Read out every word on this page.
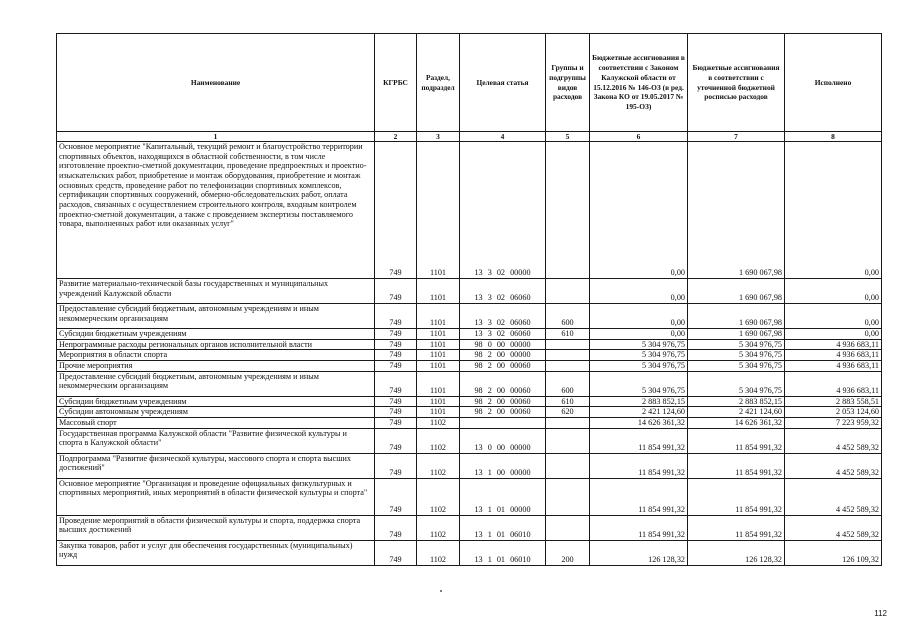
Наименование	КГРБС	Раздел, подраздел	Целевая статья	Группы и подгруппы видов расходов	Бюджетные ассигнования в соответствии с Законом Калужской области от 15.12.2016 № 146-ОЗ (в ред. Закона КО от 19.05.2017 № 195-ОЗ)	Бюджетные ассигнования в соответствии с уточненной бюджетной росписью расходов	Исполнено
1	2	3	4	5	6	7	8
Основное мероприятие "Капитальный, текущий ремонт и благоустройство территории спортивных объектов, находящихся в областной собственности, в том числе изготовление проектно-сметной документации, проведение предпроектных и проектно-изыскательских работ, приобретение и монтаж оборудования, приобретение и монтаж основных средств, проведение работ по телефонизации спортивных комплексов, сертификации спортивных сооружений, обмерно-обследовательских работ, оплата расходов, связанных с осуществлением строительного контроля, входным контролем проектно-сметной документации, а также с проведением экспертизы поставляемого товара, выполненных работ или оказанных услуг"	749	1101	13 3 02 00000		0,00	1 690 067,98	0,00
Развитие материально-технической базы государственных и муниципальных учреждений Калужской области	749	1101	13 3 02 06060		0,00	1 690 067,98	0,00
Предоставление субсидий бюджетным, автономным учреждениям и иным некоммерческим организациям	749	1101	13 3 02 06060	600	0,00	1 690 067,98	0,00
Субсидии бюджетным учреждениям	749	1101	13 3 02 06060	610	0,00	1 690 067,98	0,00
Непрограммные расходы региональных органов исполнительной власти	749	1101	98 0 00 00000		5 304 976,75	5 304 976,75	4 936 683,11
Мероприятия в области спорта	749	1101	98 2 00 00000		5 304 976,75	5 304 976,75	4 936 683,11
Прочие мероприятия	749	1101	98 2 00 00060		5 304 976,75	5 304 976,75	4 936 683,11
Предоставление субсидий бюджетным, автономным учреждениям и иным некоммерческим организациям	749	1101	98 2 00 00060	600	5 304 976,75	5 304 976,75	4 936 683,11
Субсидии бюджетным учреждениям	749	1101	98 2 00 00060	610	2 883 852,15	2 883 852,15	2 883 558,51
Субсидии автономным учреждениям	749	1101	98 2 00 00060	620	2 421 124,60	2 421 124,60	2 053 124,60
Массовый спорт	749	1102			14 626 361,32	14 626 361,32	7 223 959,32
Государственная программа Калужской области "Развитие физической культуры и спорта в Калужской области"	749	1102	13 0 00 00000		11 854 991,32	11 854 991,32	4 452 589,32
Подпрограмма "Развитие физической культуры, массового спорта и спорта высших достижений"	749	1102	13 1 00 00000		11 854 991,32	11 854 991,32	4 452 589,32
Основное мероприятие "Организация и проведение официальных физкультурных и спортивных мероприятий, иных мероприятий в области физической культуры и спорта"	749	1102	13 1 01 00000		11 854 991,32	11 854 991,32	4 452 589,32
Проведение мероприятий в области физической культуры и спорта, поддержка спорта высших достижений	749	1102	13 1 01 06010		11 854 991,32	11 854 991,32	4 452 589,32
Закупка товаров, работ и услуг для обеспечения государственных (муниципальных) нужд	749	1102	13 1 01 06010	200	126 128,32	126 128,32	126 109,32
112
